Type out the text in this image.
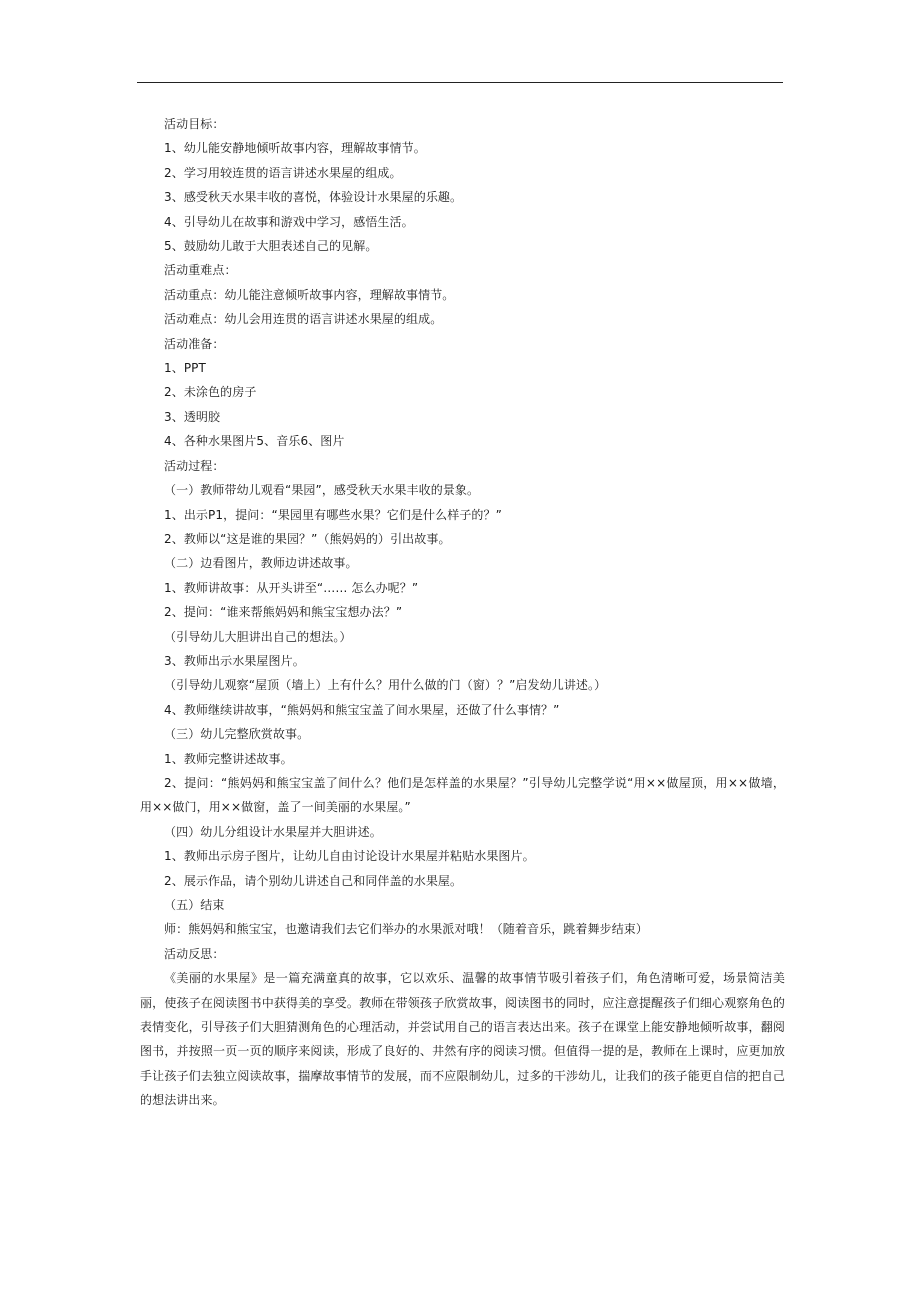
活动目标：
1、幼儿能安静地倾听故事内容，理解故事情节。
2、学习用较连贯的语言讲述水果屋的组成。
3、感受秋天水果丰收的喜悦，体验设计水果屋的乐趣。
4、引导幼儿在故事和游戏中学习，感悟生活。
5、鼓励幼儿敢于大胆表述自己的见解。
活动重难点：
活动重点：幼儿能注意倾听故事内容，理解故事情节。
活动难点：幼儿会用连贯的语言讲述水果屋的组成。
活动准备：
1、PPT
2、未涂色的房子
3、透明胶
4、各种水果图片5、音乐6、图片
活动过程：
（一）教师带幼儿观看“果园”，感受秋天水果丰收的景象。
1、出示P1，提问：“果园里有哪些水果？它们是什么样子的？”
2、教师以“这是谁的果园？”（熊妈妈的）引出故事。
（二）边看图片，教师边讲述故事。
1、教师讲故事：从开头讲至“…… 怎么办呢？”
2、提问：“谁来帮熊妈妈和熊宝宝想办法？”
（引导幼儿大胆讲出自己的想法。）
3、教师出示水果屋图片。
（引导幼儿观察“屋顶（墙上）上有什么？用什么做的门（窗）？”启发幼儿讲述。）
4、教师继续讲故事，“熊妈妈和熊宝宝盖了间水果屋，还做了什么事情？”
（三）幼儿完整欣赏故事。
1、教师完整讲述故事。
2、提问：“熊妈妈和熊宝宝盖了间什么？他们是怎样盖的水果屋？”引导幼儿完整学说“用××做屋顶，用××做墙，用××做门，用××做窗，盖了一间美丽的水果屋。”
（四）幼儿分组设计水果屋并大胆讲述。
1、教师出示房子图片，让幼儿自由讨论设计水果屋并粘贴水果图片。
2、展示作品，请个别幼儿讲述自己和同伴盖的水果屋。
（五）结束
师：熊妈妈和熊宝宝，也邀请我们去它们举办的水果派对哦！（随着音乐，跳着舞步结束）
活动反思：
《美丽的水果屋》是一篇充满童真的故事，它以欢乐、温馨的故事情节吸引着孩子们，角色清晰可爱，场景简洁美丽，使孩子在阅读图书中获得美的享受。教师在带领孩子欣赏故事，阅读图书的同时，应注意提醒孩子们细心观察角色的表情变化，引导孩子们大胆猜测角色的心理活动，并尝试用自己的语言表达出来。孩子在课堂上能安静地倾听故事，翻阅图书，并按照一页一页的顺序来阅读，形成了良好的、井然有序的阅读习惯。但值得一提的是，教师在上课时，应更加放手让孩子们去独立阅读故事，揣摩故事情节的发展，而不应限制幼儿，过多的干涉幼儿，让我们的孩子能更自信的把自己的想法讲出来。
